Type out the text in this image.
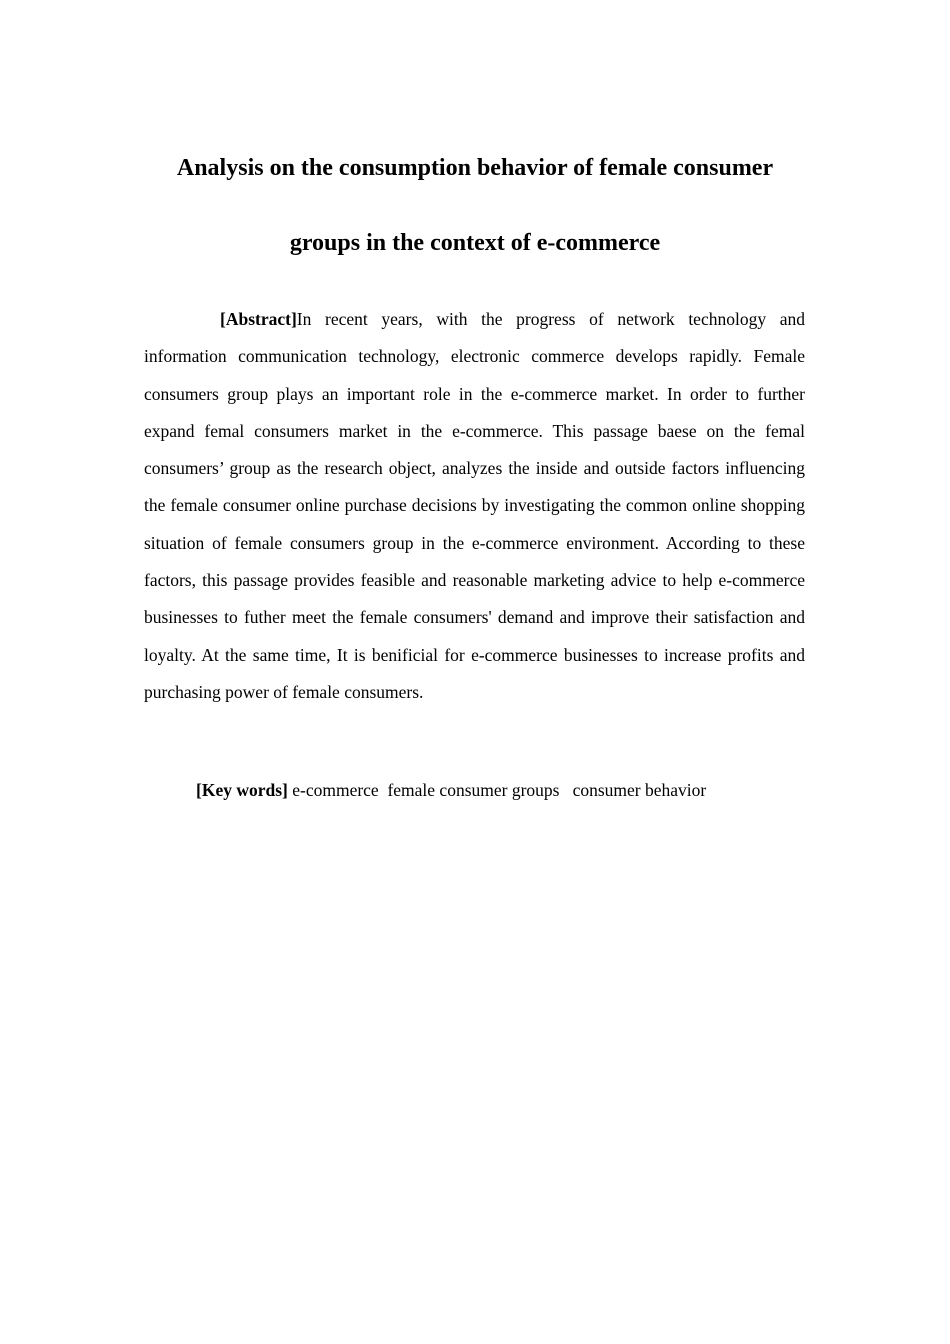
Analysis on the consumption behavior of female consumer
groups in the context of e-commerce

[Abstract]In recent years, with the progress of network technology and information communication technology, electronic commerce develops rapidly. Female consumers group plays an important role in the e-commerce market. In order to further expand femal consumers market in the e-commerce. This passage baese on the femal consumers’ group as the research object, analyzes the inside and outside factors influencing the female consumer online purchase decisions by investigating the common online shopping situation of female consumers group in the e-commerce environment. According to these factors, this passage provides feasible and reasonable marketing advice to help e-commerce businesses to futher meet the female consumers' demand and improve their satisfaction and loyalty. At the same time, It is benificial for e-commerce businesses to increase profits and purchasing power of female consumers.

[Key words] e-commerce  female consumer groups   consumer behavior
